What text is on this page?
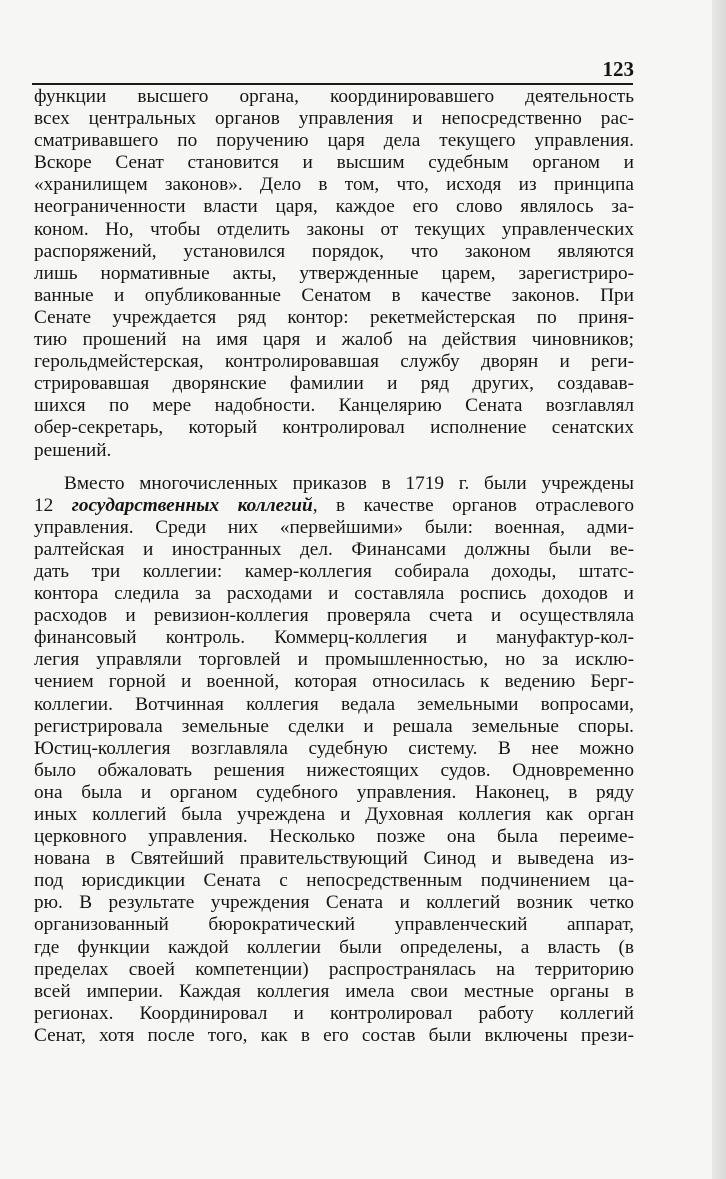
123
функции высшего органа, координировавшего деятельность
всех центральных органов управления и непосредственно рас-
сматривавшего по поручению царя дела текущего управления.
Вскоре Сенат становится и высшим судебным органом и
«хранилищем законов». Дело в том, что, исходя из принципа
неограниченности власти царя, каждое его слово являлось за-
коном. Но, чтобы отделить законы от текущих управленческих
распоряжений, установился порядок, что законом являются
лишь нормативные акты, утвержденные царем, зарегистриро-
ванные и опубликованные Сенатом в качестве законов. При
Сенате учреждается ряд контор: рекетмейстерская по приня-
тию прошений на имя царя и жалоб на действия чиновников;
герольдмейстерская, контролировавшая службу дворян и реги-
стрировавшая дворянские фамилии и ряд других, создавав-
шихся по мере надобности. Канцелярию Сената возглавлял
обер-секретарь, который контролировал исполнение сенатских
решений.
Вместо многочисленных приказов в 1719 г. были учреждены
12 государственных коллегий, в качестве органов отраслевого
управления. Среди них «первейшими» были: военная, адми-
ралтейская и иностранных дел. Финансами должны были ве-
дать три коллегии: камер-коллегия собирала доходы, штатс-
контора следила за расходами и составляла роспись доходов и
расходов и ревизион-коллегия проверяла счета и осуществляла
финансовый контроль. Коммерц-коллегия и мануфактур-кол-
легия управляли торговлей и промышленностью, но за исклю-
чением горной и военной, которая относилась к ведению Берг-
коллегии. Вотчинная коллегия ведала земельными вопросами,
регистрировала земельные сделки и решала земельные споры.
Юстиц-коллегия возглавляла судебную систему. В нее можно
было обжаловать решения нижестоящих судов. Одновременно
она была и органом судебного управления. Наконец, в ряду
иных коллегий была учреждена и Духовная коллегия как орган
церковного управления. Несколько позже она была переиме-
нована в Святейший правительствующий Синод и выведена из-
под юрисдикции Сената с непосредственным подчинением ца-
рю. В результате учреждения Сената и коллегий возник четко
организованный бюрократический управленческий аппарат,
где функции каждой коллегии были определены, а власть (в
пределах своей компетенции) распространялась на территорию
всей империи. Каждая коллегия имела свои местные органы в
регионах. Координировал и контролировал работу коллегий
Сенат, хотя после того, как в его состав были включены прези-
